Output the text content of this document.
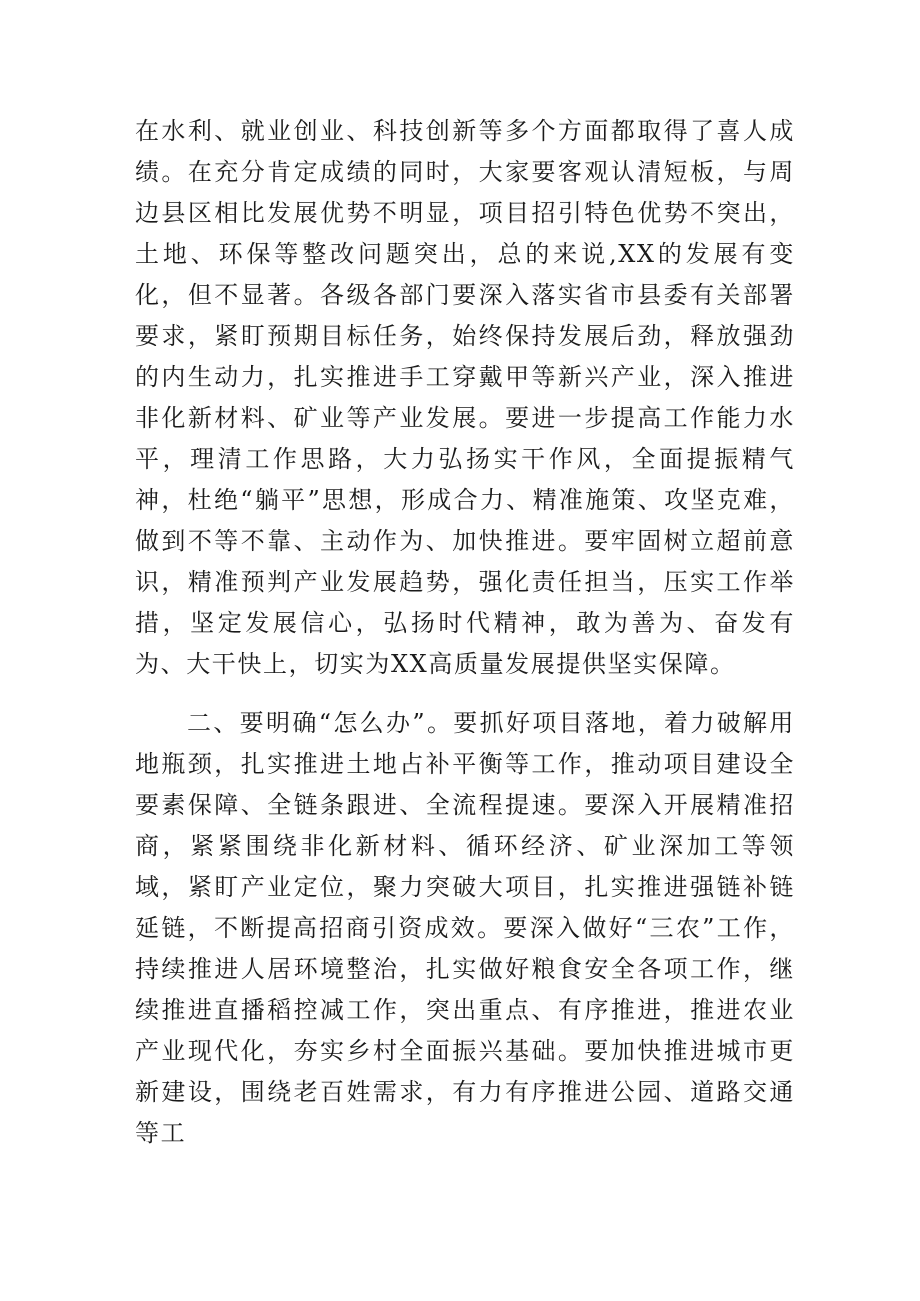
在水利、就业创业、科技创新等多个方面都取得了喜人成绩。在充分肯定成绩的同时，大家要客观认清短板，与周边县区相比发展优势不明显，项目招引特色优势不突出，土地、环保等整改问题突出，总的来说,XX的发展有变化，但不显著。各级各部门要深入落实省市县委有关部署要求，紧盯预期目标任务，始终保持发展后劲，释放强劲的内生动力，扎实推进手工穿戴甲等新兴产业，深入推进非化新材料、矿业等产业发展。要进一步提高工作能力水平，理清工作思路，大力弘扬实干作风，全面提振精气神，杜绝“躺平”思想，形成合力、精准施策、攻坚克难，做到不等不靠、主动作为、加快推进。要牢固树立超前意识，精准预判产业发展趋势，强化责任担当，压实工作举措，坚定发展信心，弘扬时代精神，敢为善为、奋发有为、大干快上，切实为XX高质量发展提供坚实保障。

二、要明确“怎么办”。要抓好项目落地，着力破解用地瓶颈，扎实推进土地占补平衡等工作，推动项目建设全要素保障、全链条跟进、全流程提速。要深入开展精准招商，紧紧围绕非化新材料、循环经济、矿业深加工等领域，紧盯产业定位，聚力突破大项目，扎实推进强链补链延链，不断提高招商引资成效。要深入做好“三农”工作，持续推进人居环境整治，扎实做好粮食安全各项工作，继续推进直播稻控减工作，突出重点、有序推进，推进农业产业现代化，夯实乡村全面振兴基础。要加快推进城市更新建设，围绕老百姓需求，有力有序推进公园、道路交通等工
